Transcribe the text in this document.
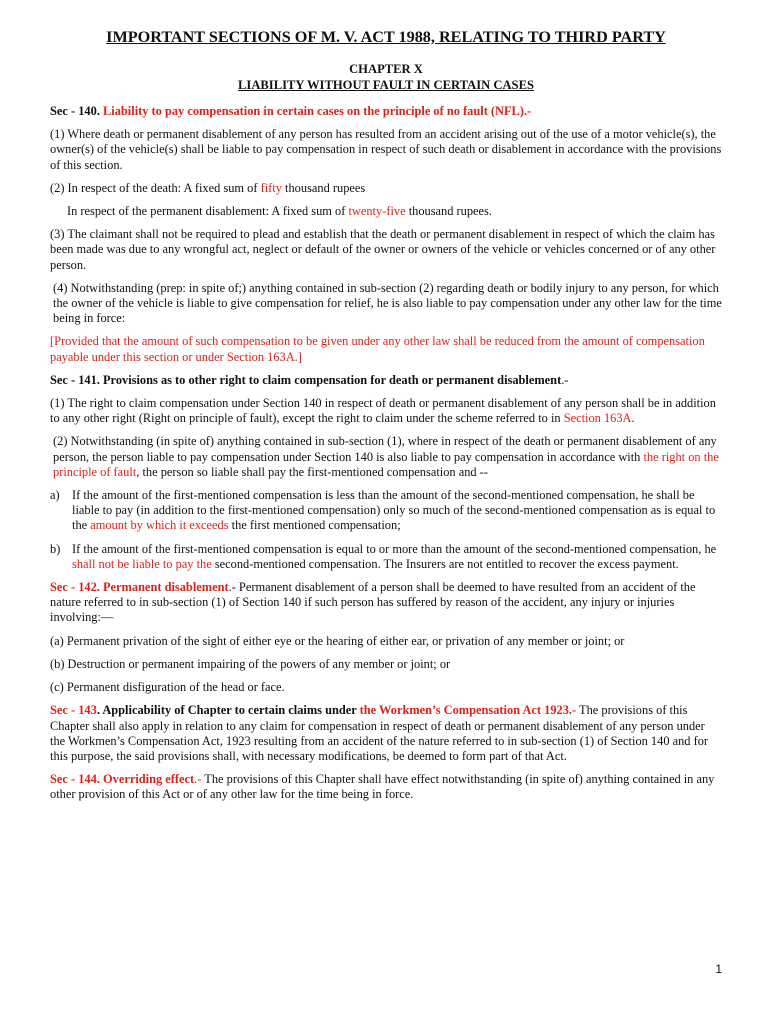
IMPORTANT SECTIONS OF M. V. ACT 1988, RELATING TO THIRD PARTY
CHAPTER X
LIABILITY WITHOUT FAULT IN CERTAIN CASES

Sec - 140. Liability to pay compensation in certain cases on the principle of no fault (NFL).-

(1) Where death or permanent disablement of any person has resulted from an accident arising out of the use of a motor vehicle(s), the owner(s) of the vehicle(s) shall be liable to pay compensation in respect of such death or disablement in accordance with the provisions of this section.

(2) In respect of the death: A fixed sum of fifty thousand rupees

In respect of the permanent disablement: A fixed sum of twenty-five thousand rupees.

(3) The claimant shall not be required to plead and establish that the death or permanent disablement in respect of which the claim has been made was due to any wrongful act, neglect or default of the owner or owners of the vehicle or vehicles concerned or of any other person.

(4) Notwithstanding (prep: in spite of;) anything contained in sub-section (2) regarding death or bodily injury to any person, for which the owner of the vehicle is liable to give compensation for relief, he is also liable to pay compensation under any other law for the time being in force:

[Provided that the amount of such compensation to be given under any other law shall be reduced from the amount of compensation payable under this section or under Section 163A.]

Sec - 141. Provisions as to other right to claim compensation for death or permanent disablement.-

(1) The right to claim compensation under Section 140 in respect of death or permanent disablement of any person shall be in addition to any other right (Right on principle of fault), except the right to claim under the scheme referred to in Section 163A.

(2) Notwithstanding (in spite of) anything contained in sub-section (1), where in respect of the death or permanent disablement of any person, the person liable to pay compensation under Section 140 is also liable to pay compensation in accordance with the right on the principle of fault, the person so liable shall pay the first-mentioned compensation and --

a) If the amount of the first-mentioned compensation is less than the amount of the second-mentioned compensation, he shall be liable to pay (in addition to the first-mentioned compensation) only so much of the second-mentioned compensation as is equal to the amount by which it exceeds the first mentioned compensation;
b) If the amount of the first-mentioned compensation is equal to or more than the amount of the second-mentioned compensation, he shall not be liable to pay the second-mentioned compensation. The Insurers are not entitled to recover the excess payment.

Sec - 142. Permanent disablement.- Permanent disablement of a person shall be deemed to have resulted from an accident of the nature referred to in sub-section (1) of Section 140 if such person has suffered by reason of the accident, any injury or injuries involving:—

(a) Permanent privation of the sight of either eye or the hearing of either ear, or privation of any member or joint; or

(b) Destruction or permanent impairing of the powers of any member or joint; or

(c) Permanent disfiguration of the head or face.

Sec - 143. Applicability of Chapter to certain claims under the Workmen’s Compensation Act 1923.- The provisions of this Chapter shall also apply in relation to any claim for compensation in respect of death or permanent disablement of any person under the Workmen’s Compensation Act, 1923 resulting from an accident of the nature referred to in sub-section (1) of Section 140 and for this purpose, the said provisions shall, with necessary modifications, be deemed to form part of that Act.

Sec - 144. Overriding effect.- The provisions of this Chapter shall have effect notwithstanding (in spite of) anything contained in any other provision of this Act or of any other law for the time being in force.

1
